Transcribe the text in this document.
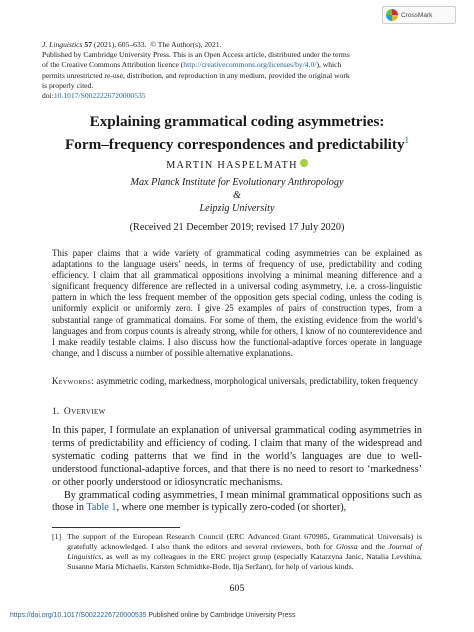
CrossMark
J. Linguistics 57 (2021), 605–633. © The Author(s), 2021.
Published by Cambridge University Press. This is an Open Access article, distributed under the terms
of the Creative Commons Attribution licence (http://creativecommons.org/licenses/by/4.0/), which
permits unrestricted re-use, distribution, and reproduction in any medium, provided the original work
is properly cited.
doi:10.1017/S0022226720000535
Explaining grammatical coding asymmetries:
Form–frequency correspondences and predictability$^1$
MARTIN HASPELMATH
Max Planck Institute for Evolutionary Anthropology
&
Leipzig University
(Received 21 December 2019; revised 17 July 2020)
This paper claims that a wide variety of grammatical coding asymmetries can be explained as adaptations to the language users’ needs, in terms of frequency of use, predictability and coding efficiency. I claim that all grammatical oppositions involving a minimal meaning difference and a significant frequency difference are reflected in a universal coding asymmetry, i.e. a cross-linguistic pattern in which the less frequent member of the opposition gets special coding, unless the coding is uniformly explicit or uniformly zero. I give 25 examples of pairs of construction types, from a substantial range of grammatical domains. For some of them, the existing evidence from the world’s languages and from corpus counts is already strong, while for others, I know of no counterevidence and I make readily testable claims. I also discuss how the functional-adaptive forces operate in language change, and I discuss a number of possible alternative explanations.
Keywords: asymmetric coding, markedness, morphological universals, predictability, token frequency
1. Overview

In this paper, I formulate an explanation of universal grammatical coding asymmetries in terms of predictability and efficiency of coding. I claim that many of the widespread and systematic coding patterns that we find in the world’s languages are due to well-understood functional-adaptive forces, and that there is no need to resort to ‘markedness’ or other poorly understood or idiosyncratic mechanisms.

By grammatical coding asymmetries, I mean minimal grammatical oppositions such as those in Table 1, where one member is typically zero-coded (or shorter),

[1] The support of the European Research Council (ERC Advanced Grant 670985, Grammatical Universals) is gratefully acknowledged. I also thank the editors and several reviewers, both for Glossa and the Journal of Linguistics, as well as my colleagues in the ERC project group (especially Katarzyna Janic, Natalia Levshina, Susanne Maria Michaelis, Karsten Schmidtke-Bode, Ilja Seržant), for help of various kinds.
605
https://doi.org/10.1017/S0022226720000535 Published online by Cambridge University Press
